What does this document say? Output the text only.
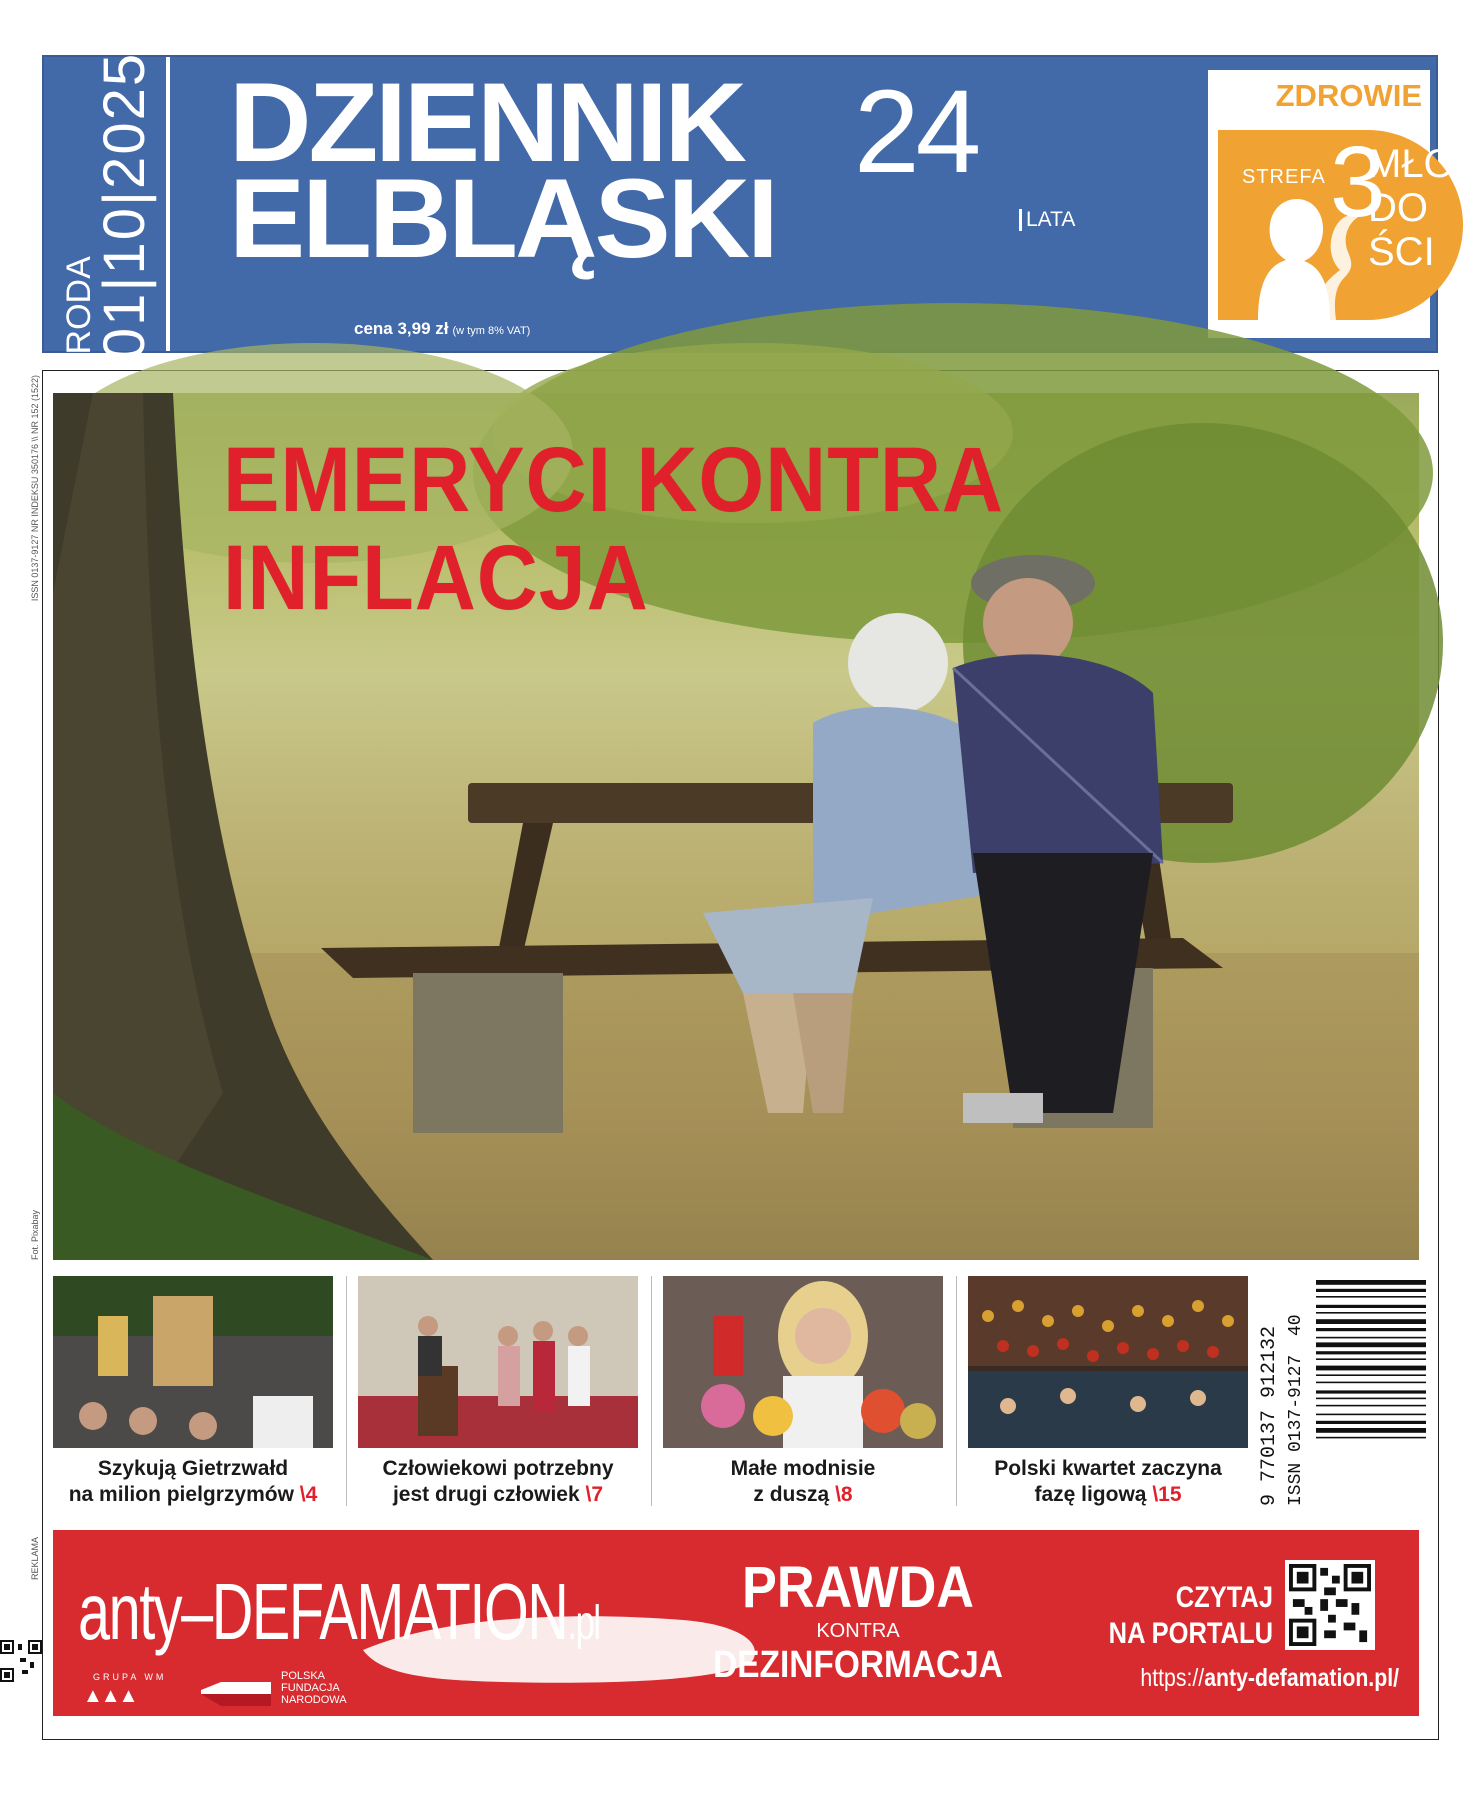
ŚRODA
|01|10|2025| DZIENNIK
ELBLĄSKI
24
LATA
cena 3,99 zł (w tym 8% VAT)
ZDROWIE
STREFA 3
MŁO
DO
ŚCI
ISSN 0137-9127 NR INDEKSU 350176 \\ NR 152 (1522)
Fot. Pixabay
REKLAMA
EMERYCI KONTRA
INFLACJA
Szykują Gietrzwałd
na milion pielgrzymów \4
Człowiekowi potrzebny
jest drugi człowiek \7
Małe modnisie
z duszą \8
Polski kwartet zaczyna
fazę ligową \15	9 770137 912132
40
ISSN 0137-9127
anty–DEFAMATION.pl
GRUPA WM
▲▲▲
POLSKA
FUNDACJA
NARODOWA
PRAWDA
KONTRA
DEZINFORMACJA
CZYTAJ
NA PORTALU
https://anty-defamation.pl/
